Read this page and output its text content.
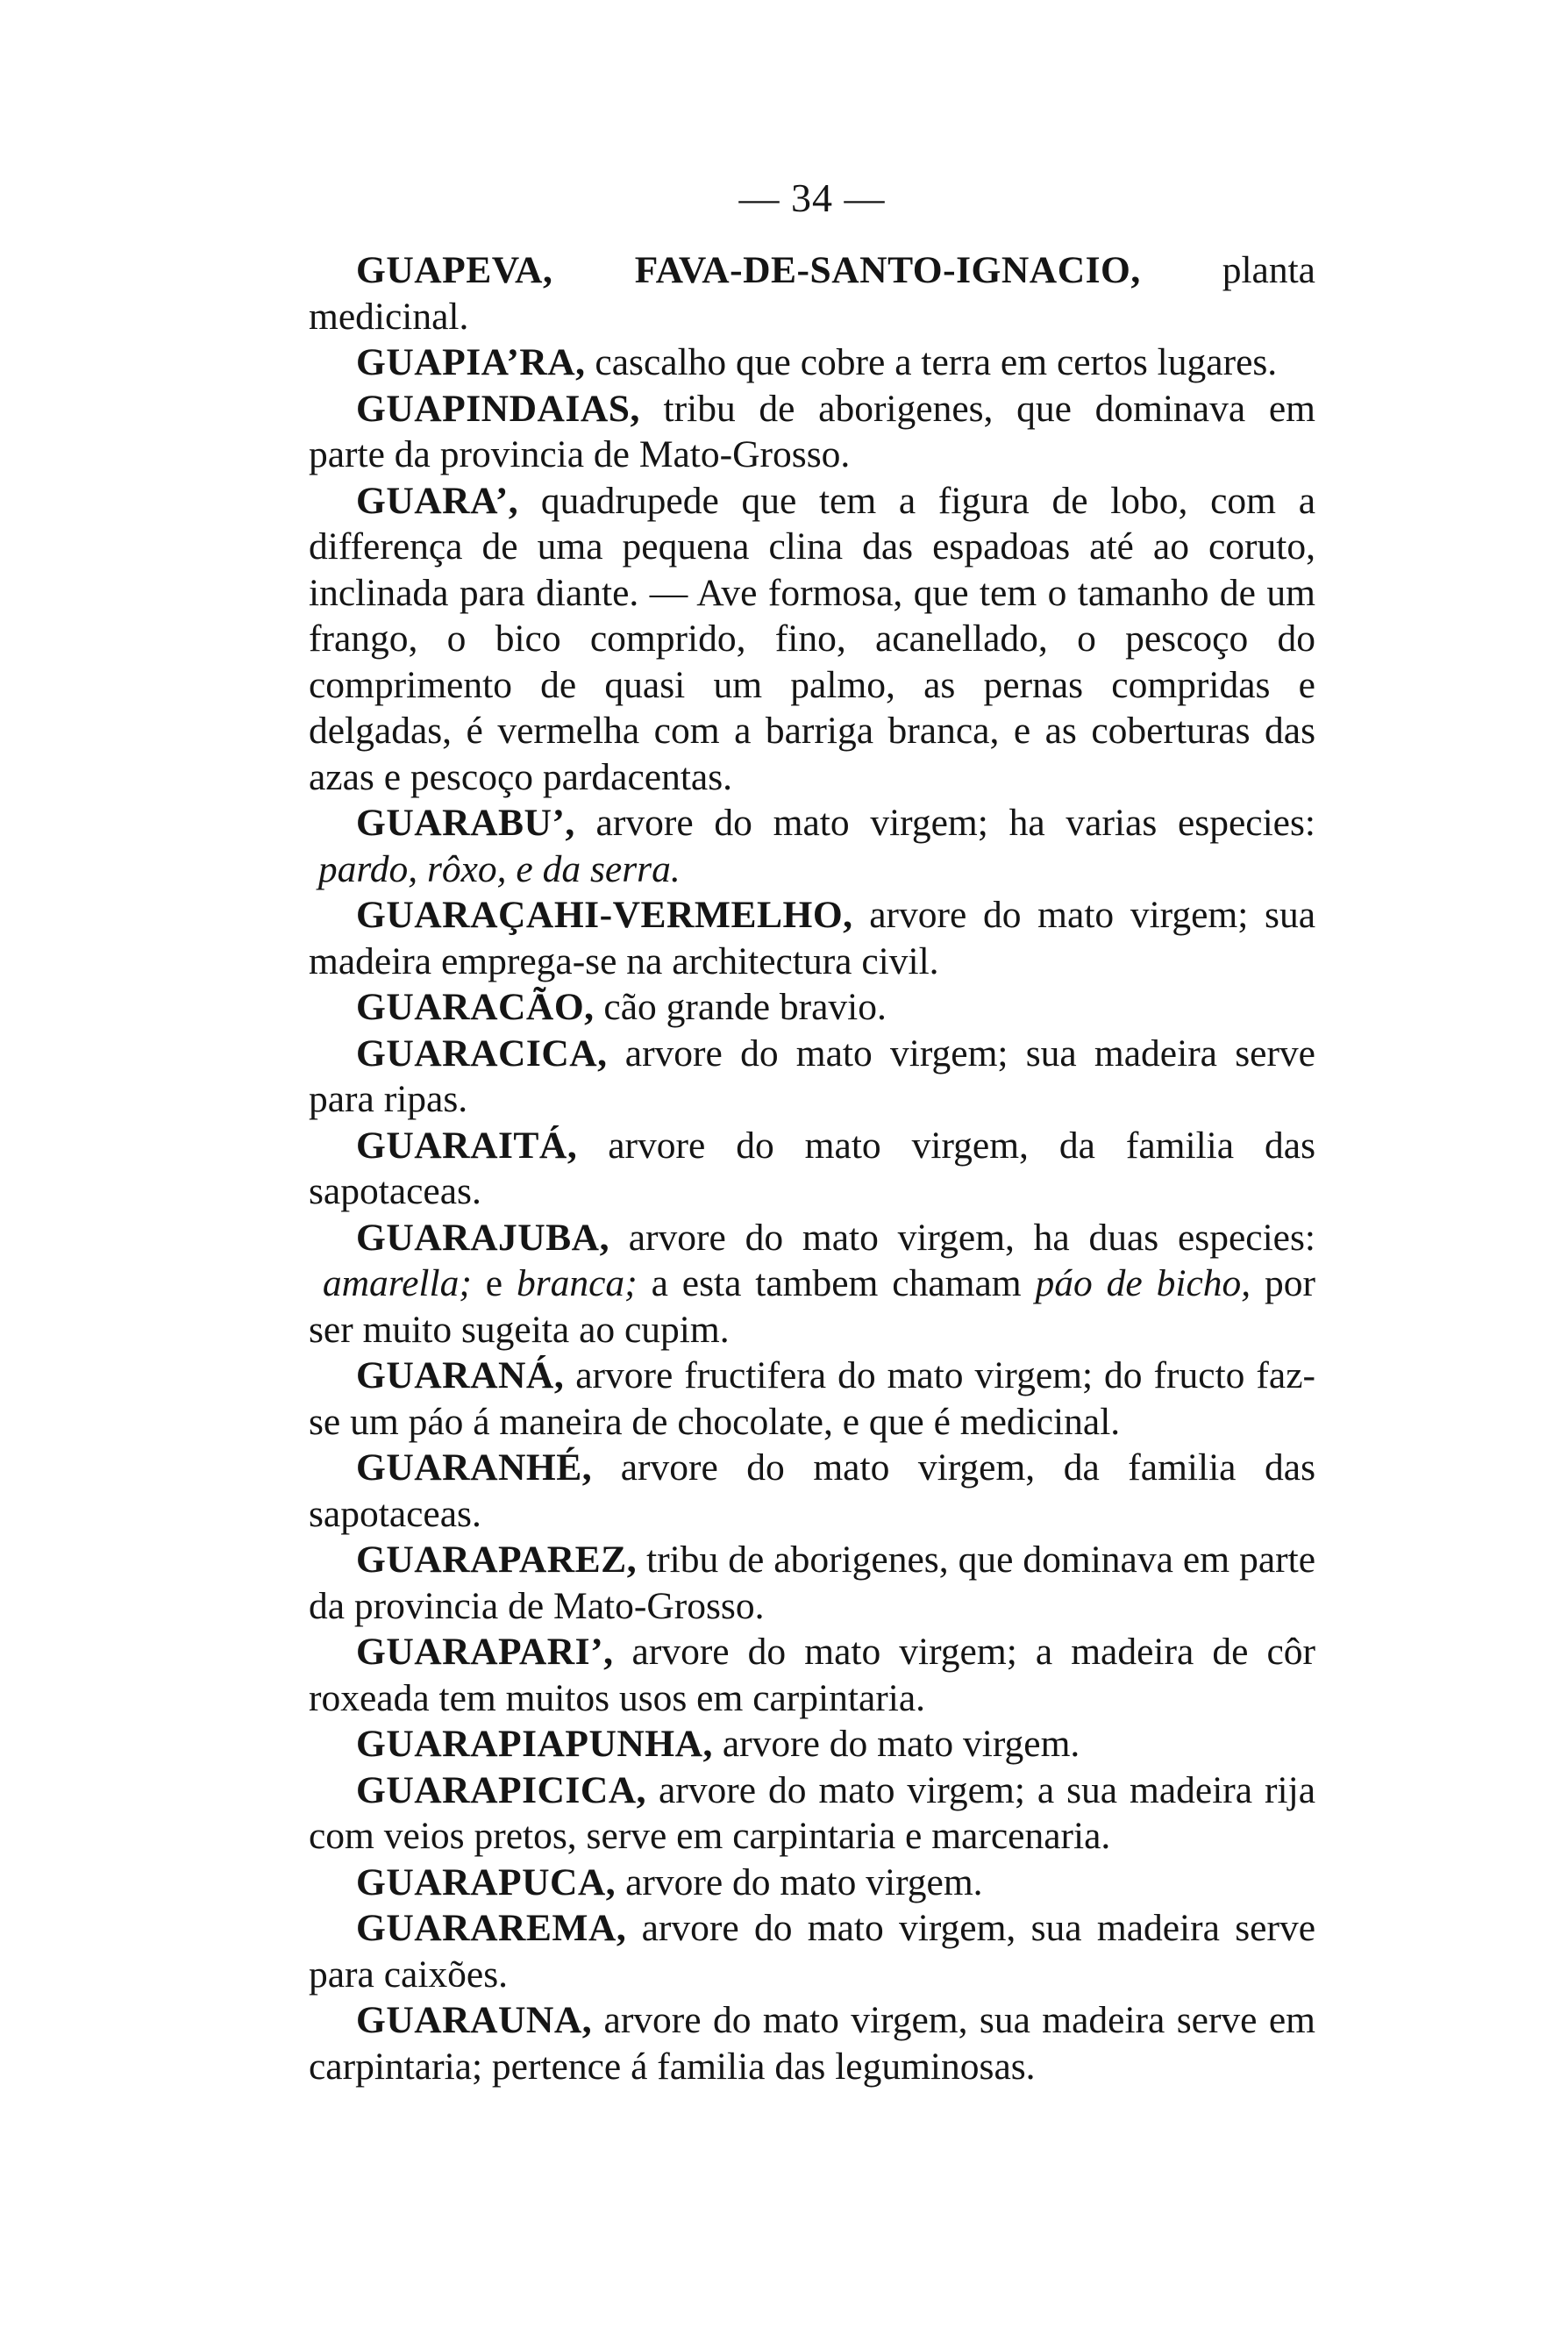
— 34 —

GUAPEVA, FAVA-DE-SANTO-IGNACIO, planta medicinal.

GUAPIA’RA, cascalho que cobre a terra em certos lugares.

GUAPINDAIAS, tribu de aborigenes, que dominava em parte da provincia de Mato-Grosso.

GUARA’, quadrupede que tem a figura de lobo, com a differença de uma pequena clina das espadoas até ao coruto, inclinada para diante. — Ave formosa, que tem o tamanho de um frango, o bico comprido, fino, acanellado, o pescoço do comprimento de quasi um palmo, as pernas compridas e delgadas, é vermelha com a barriga branca, e as coberturas das azas e pescoço pardacentas.

GUARABU’, arvore do mato virgem; ha varias especies: pardo, rôxo, e da serra.

GUARAÇAHI-VERMELHO, arvore do mato virgem; sua madeira emprega-se na architectura civil.

GUARACÃO, cão grande bravio.

GUARACICA, arvore do mato virgem; sua madeira serve para ripas.

GUARAITÁ, arvore do mato virgem, da familia das sapotaceas.

GUARAJUBA, arvore do mato virgem, ha duas especies: amarella; e branca; a esta tambem chamam páo de bicho, por ser muito sugeita ao cupim.

GUARANÁ, arvore fructifera do mato virgem; do fructo faz-se um páo á maneira de chocolate, e que é medicinal.

GUARANHÉ, arvore do mato virgem, da familia das sapotaceas.

GUARAPAREZ, tribu de aborigenes, que dominava em parte da provincia de Mato-Grosso.

GUARAPARI’, arvore do mato virgem; a madeira de côr roxeada tem muitos usos em carpintaria.

GUARAPIAPUNHA, arvore do mato virgem.

GUARAPICICA, arvore do mato virgem; a sua madeira rija com veios pretos, serve em carpintaria e marcenaria.

GUARAPUCA, arvore do mato virgem.

GUARAREMA, arvore do mato virgem, sua madeira serve para caixões.

GUARAUNA, arvore do mato virgem, sua madeira serve em carpintaria; pertence á familia das leguminosas.
